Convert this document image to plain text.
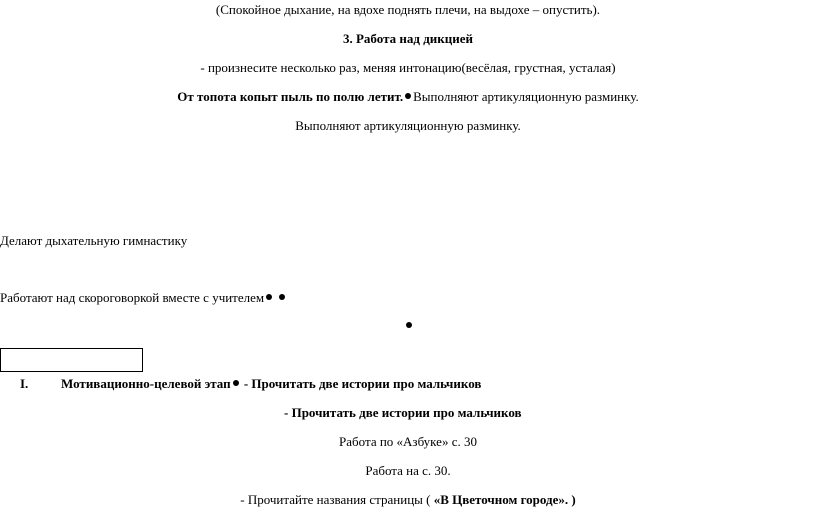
(Спокойное дыхание, на вдохе поднять плечи, на выдохе – опустить).
3. Работа над дикцией
- произнесите несколько раз, меняя интонацию(весёлая, грустная, усталая)
От топота копыт пыль по полю летит. Выполняют артикуляционную разминку.
Выполняют артикуляционную разминку.
Делают дыхательную гимнастику
Работают над скороговоркой вместе с учителем
I.	Мотивационно-целевой этап - Прочитать две истории про мальчиков
- Прочитать две истории про мальчиков
Работа по «Азбуке» с. 30
Работа на с. 30.
- Прочитайте названия страницы ( «В Цветочном городе». )
